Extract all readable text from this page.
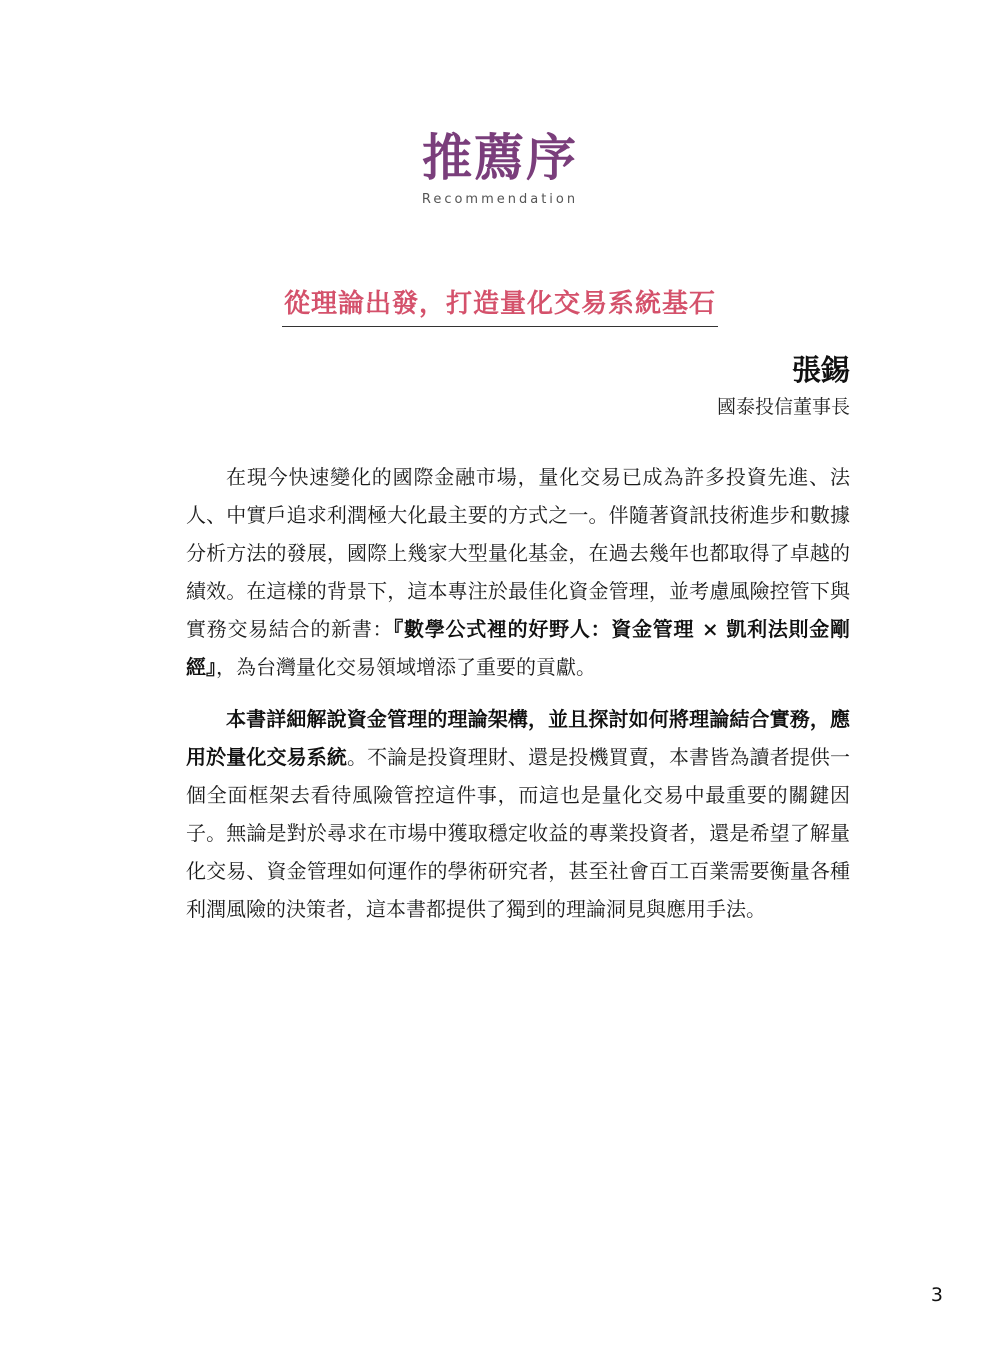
推薦序
Recommendation
從理論出發，打造量化交易系統基石
張錫
國泰投信董事長

在現今快速變化的國際金融市場，量化交易已成為許多投資先進、法人、中實戶追求利潤極大化最主要的方式之一。伴隨著資訊技術進步和數據分析方法的發展，國際上幾家大型量化基金，在過去幾年也都取得了卓越的績效。在這樣的背景下，這本專注於最佳化資金管理，並考慮風險控管下與實務交易結合的新書：『數學公式裡的好野人：資金管理 × 凱利法則金剛經』，為台灣量化交易領域增添了重要的貢獻。

本書詳細解說資金管理的理論架構，並且探討如何將理論結合實務，應用於量化交易系統。不論是投資理財、還是投機買賣，本書皆為讀者提供一個全面框架去看待風險管控這件事，而這也是量化交易中最重要的關鍵因子。無論是對於尋求在市場中獲取穩定收益的專業投資者，還是希望了解量化交易、資金管理如何運作的學術研究者，甚至社會百工百業需要衡量各種利潤風險的決策者，這本書都提供了獨到的理論洞見與應用手法。

3
